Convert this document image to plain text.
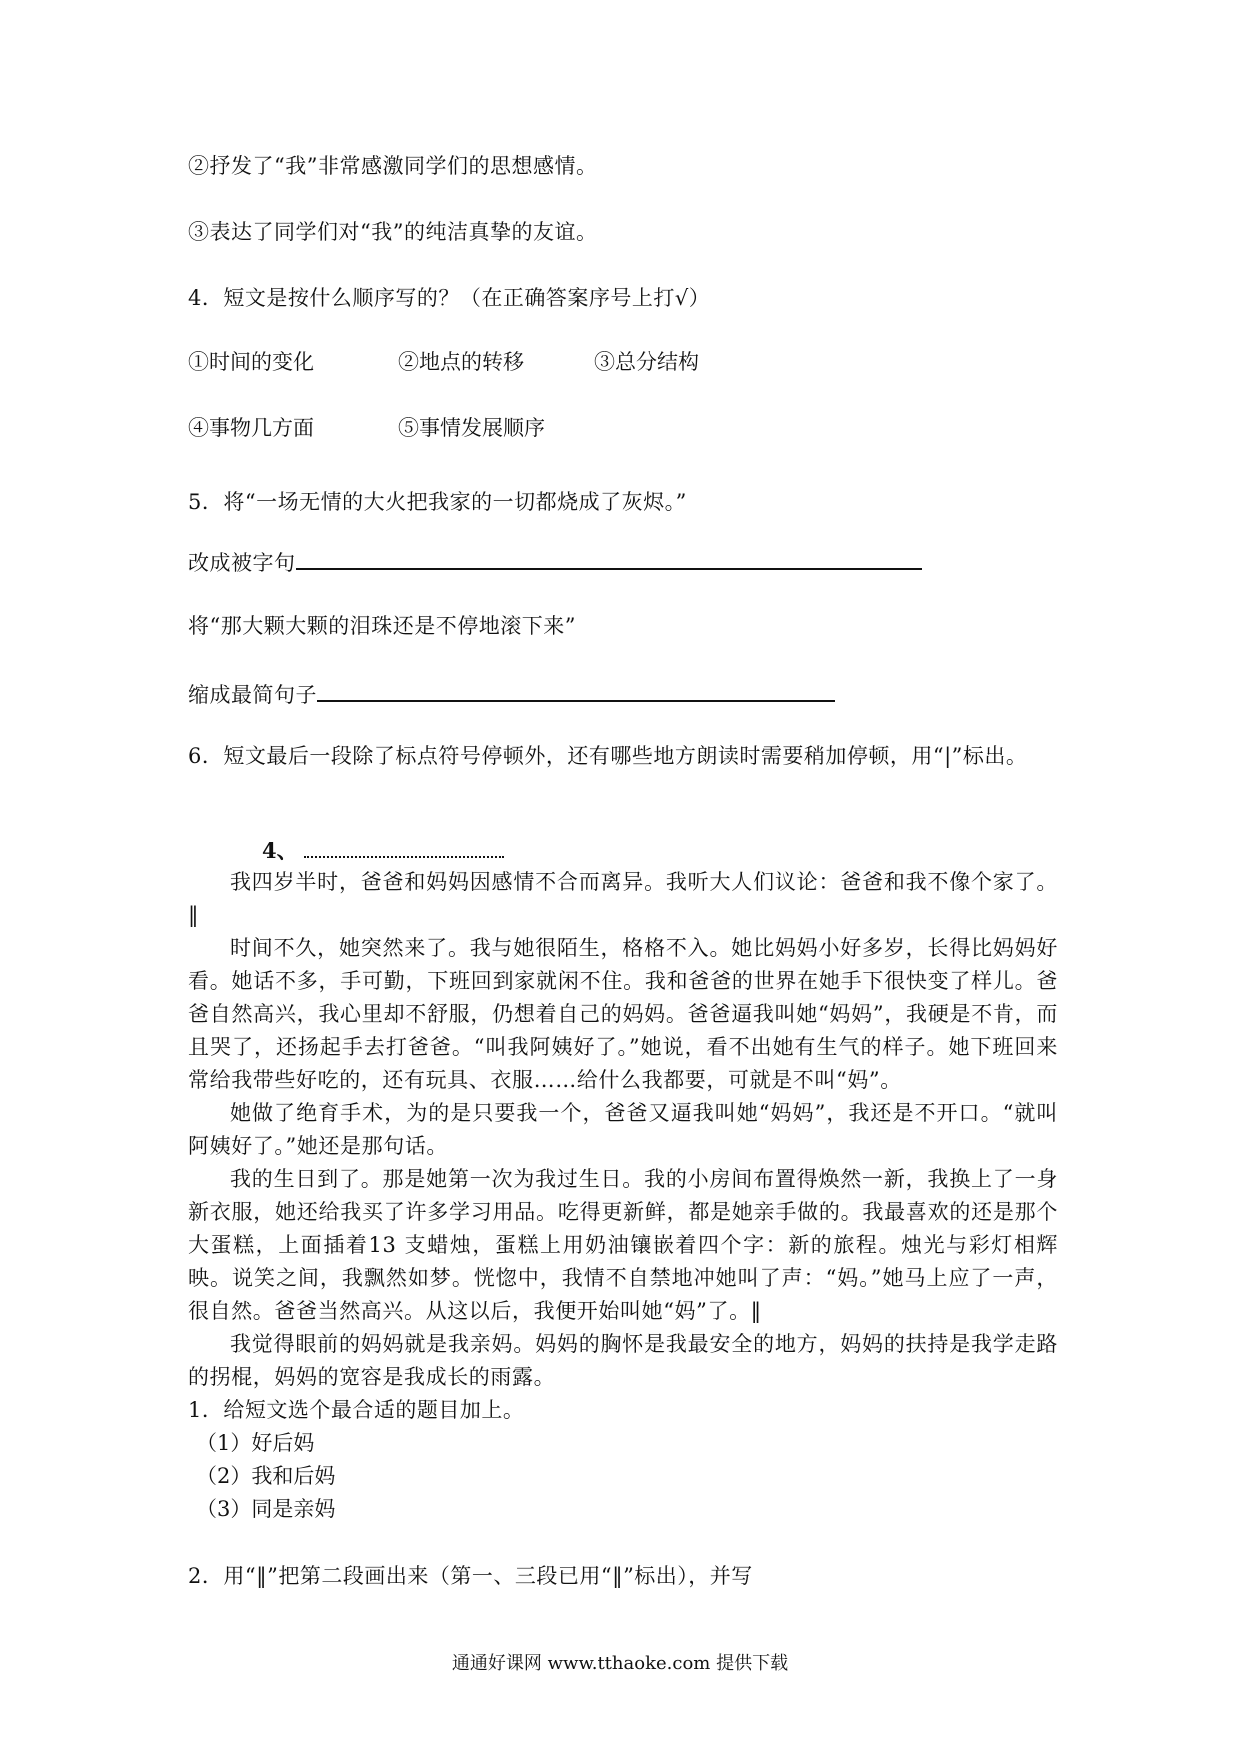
②抒发了“我”非常感激同学们的思想感情。
③表达了同学们对“我”的纯洁真挚的友谊。
4．短文是按什么顺序写的？（在正确答案序号上打√）
①时间的变化	②地点的转移	③总分结构
④事物几方面	⑤事情发展顺序
5．将“一场无情的大火把我家的一切都烧成了灰烬。”
改成被字句
将“那大颗大颗的泪珠还是不停地滚下来”
缩成最简句子
6．短文最后一段除了标点符号停顿外，还有哪些地方朗读时需要稍加停顿，用“|”标出。
4、

我四岁半时，爸爸和妈妈因感情不合而离异。我听大人们议论：爸爸和我不像个家了。‖

时间不久，她突然来了。我与她很陌生，格格不入。她比妈妈小好多岁，长得比妈妈好看。她话不多，手可勤，下班回到家就闲不住。我和爸爸的世界在她手下很快变了样儿。爸爸自然高兴，我心里却不舒服，仍想着自己的妈妈。爸爸逼我叫她“妈妈”，我硬是不肯，而且哭了，还扬起手去打爸爸。“叫我阿姨好了。”她说，看不出她有生气的样子。她下班回来常给我带些好吃的，还有玩具、衣服……给什么我都要，可就是不叫“妈”。

她做了绝育手术，为的是只要我一个，爸爸又逼我叫她“妈妈”，我还是不开口。“就叫阿姨好了。”她还是那句话。

我的生日到了。那是她第一次为我过生日。我的小房间布置得焕然一新，我换上了一身新衣服，她还给我买了许多学习用品。吃得更新鲜，都是她亲手做的。我最喜欢的还是那个大蛋糕，上面插着13 支蜡烛，蛋糕上用奶油镶嵌着四个字：新的旅程。烛光与彩灯相辉映。说笑之间，我飘然如梦。恍惚中，我情不自禁地冲她叫了声：“妈。”她马上应了一声，很自然。爸爸当然高兴。从这以后，我便开始叫她“妈”了。‖

我觉得眼前的妈妈就是我亲妈。妈妈的胸怀是我最安全的地方，妈妈的扶持是我学走路的拐棍，妈妈的宽容是我成长的雨露。

1．给短文选个最合适的题目加上。
（1）好后妈
（2）我和后妈
（3）同是亲妈
2．用“‖”把第二段画出来（第一、三段已用“‖”标出），并写
通通好课网 www.tthaoke.com 提供下载
